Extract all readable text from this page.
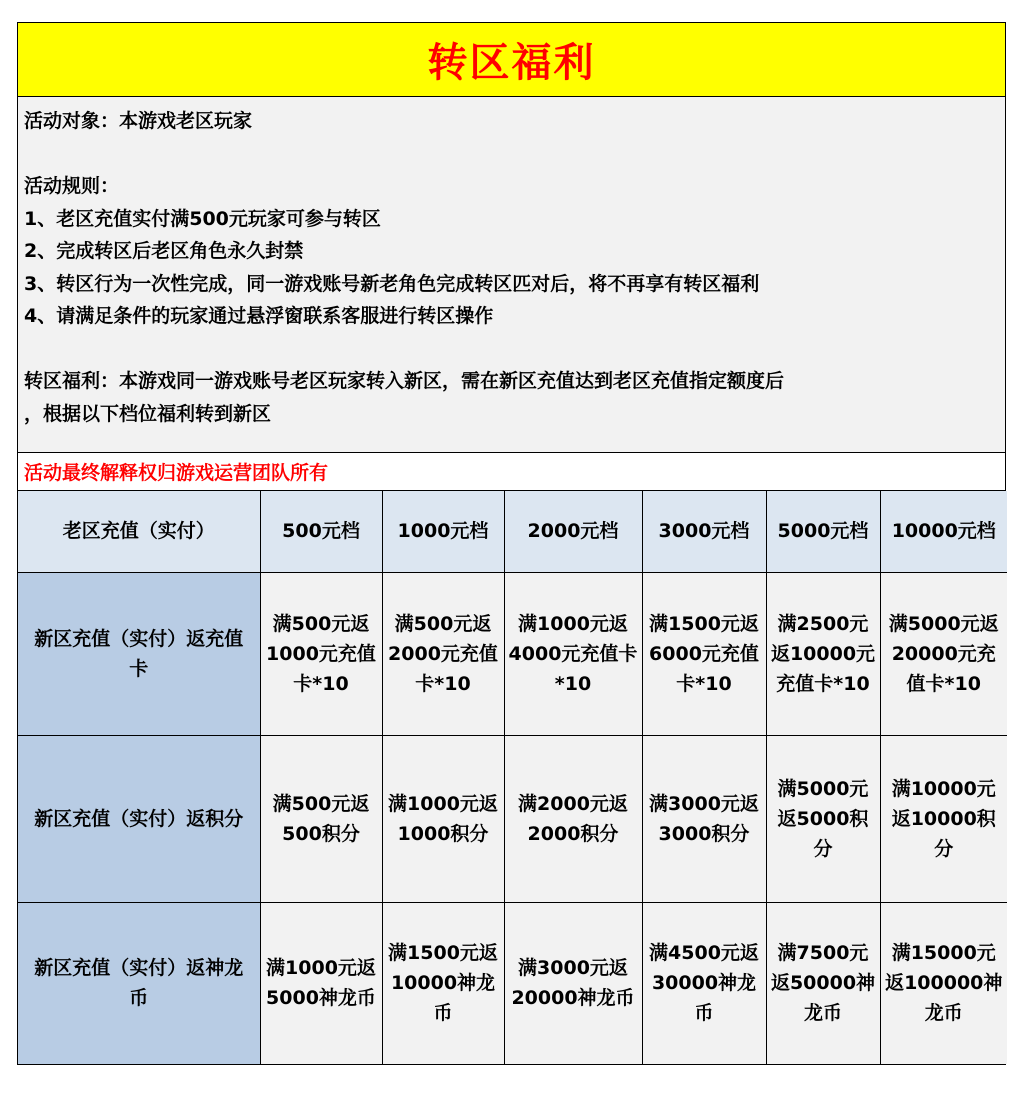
转区福利
活动对象：本游戏老区玩家
活动规则：
1、老区充值实付满500元玩家可参与转区
2、完成转区后老区角色永久封禁
3、转区行为一次性完成，同一游戏账号新老角色完成转区匹对后，将不再享有转区福利
4、请满足条件的玩家通过悬浮窗联系客服进行转区操作
转区福利：本游戏同一游戏账号老区玩家转入新区，需在新区充值达到老区充值指定额度后
，根据以下档位福利转到新区
活动最终解释权归游戏运营团队所有
老区充值（实付）	500元档	1000元档	2000元档	3000元档	5000元档	10000元档
新区充值（实付）返充值卡	满500元返1000元充值卡*10	满500元返2000元充值卡*10	满1000元返4000元充值卡*10	满1500元返6000元充值卡*10	满2500元返10000元充值卡*10	满5000元返20000元充值卡*10
新区充值（实付）返积分	满500元返500积分	满1000元返1000积分	满2000元返2000积分	满3000元返3000积分	满5000元返5000积分	满10000元返10000积分
新区充值（实付）返神龙币	满1000元返5000神龙币	满1500元返10000神龙币	满3000元返20000神龙币	满4500元返30000神龙币	满7500元返50000神龙币	满15000元返100000神龙币
